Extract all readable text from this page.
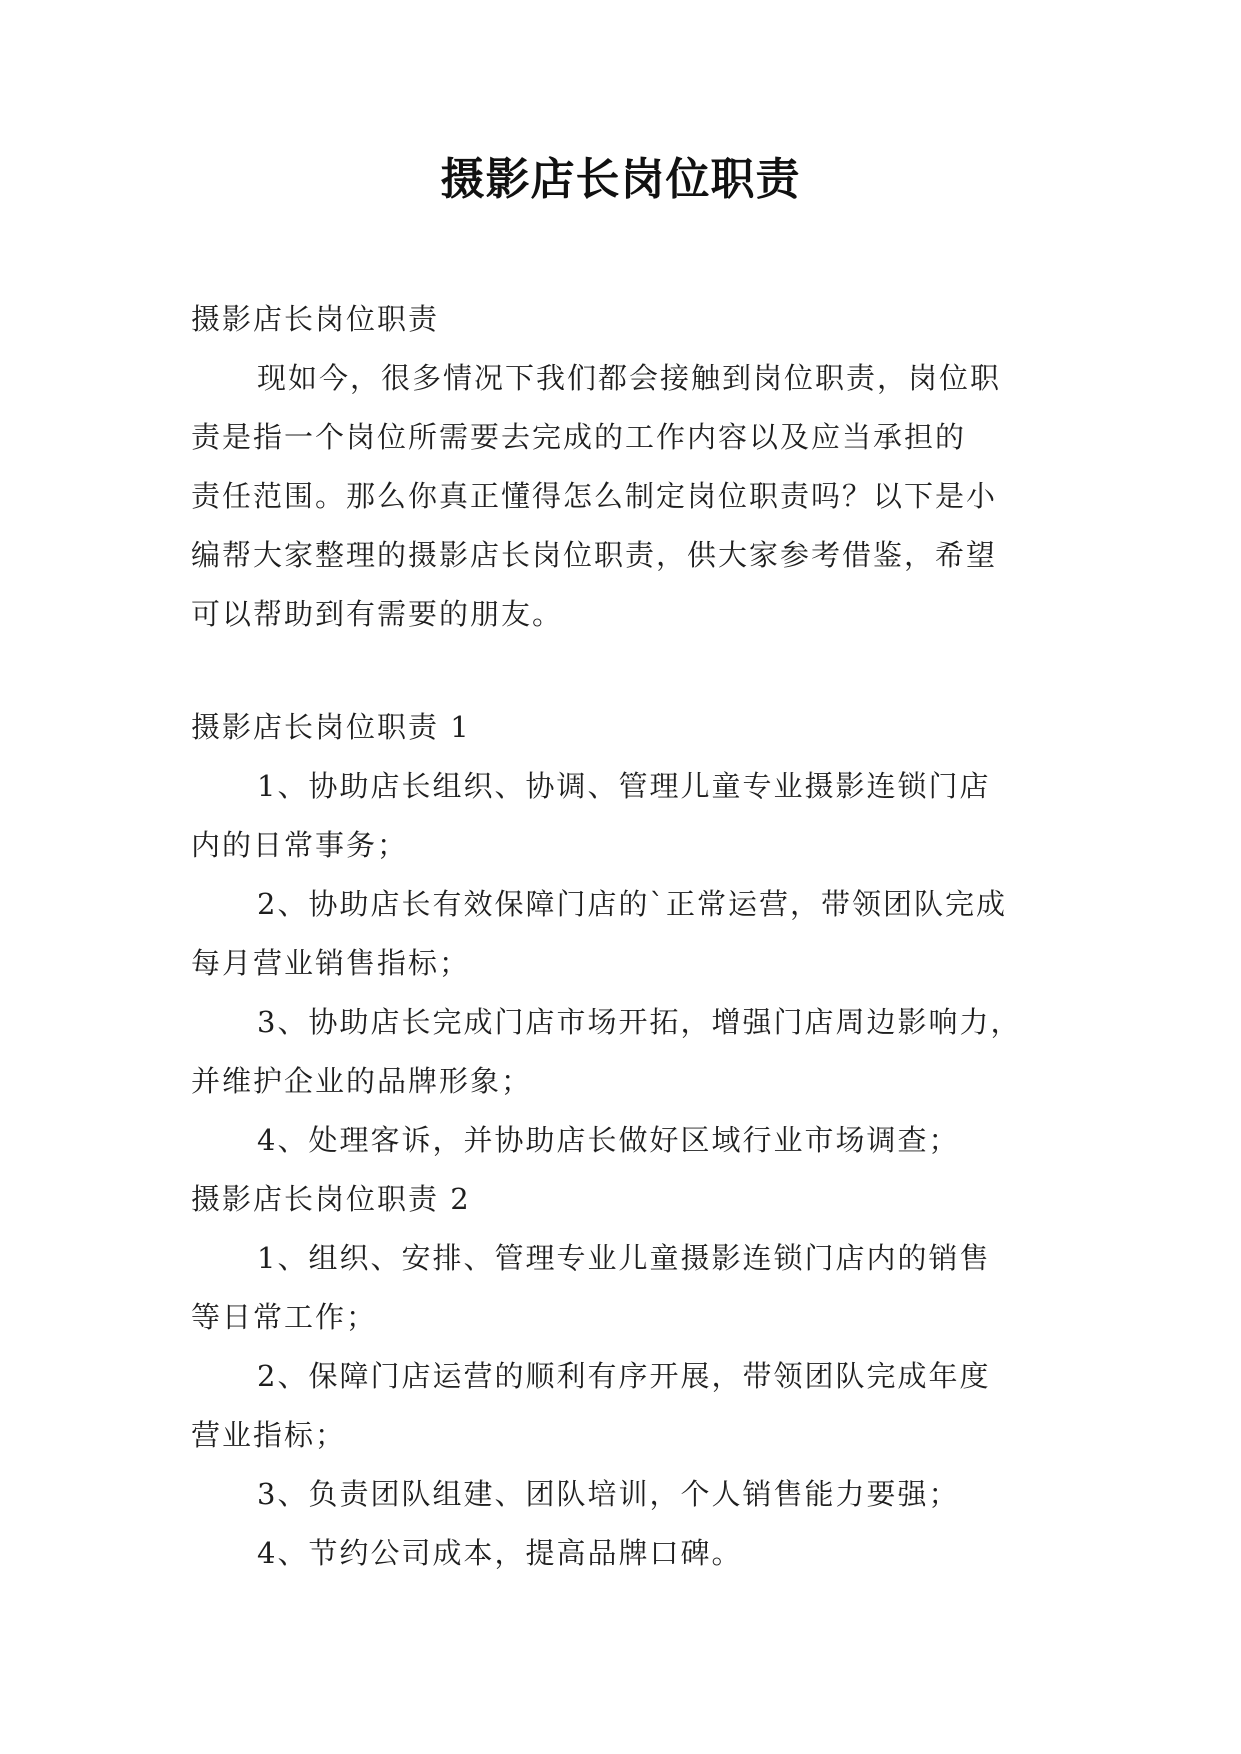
摄影店长岗位职责
摄影店长岗位职责
现如今，很多情况下我们都会接触到岗位职责，岗位职
责是指一个岗位所需要去完成的工作内容以及应当承担的
责任范围。那么你真正懂得怎么制定岗位职责吗？以下是小
编帮大家整理的摄影店长岗位职责，供大家参考借鉴，希望
可以帮助到有需要的朋友。
摄影店长岗位职责 1
1、协助店长组织、协调、管理儿童专业摄影连锁门店
内的日常事务；
2、协助店长有效保障门店的`正常运营，带领团队完成
每月营业销售指标；
3、协助店长完成门店市场开拓，增强门店周边影响力，
并维护企业的品牌形象；
4、处理客诉，并协助店长做好区域行业市场调查；
摄影店长岗位职责 2
1、组织、安排、管理专业儿童摄影连锁门店内的销售
等日常工作；
2、保障门店运营的顺利有序开展，带领团队完成年度
营业指标；
3、负责团队组建、团队培训，个人销售能力要强；
4、节约公司成本，提高品牌口碑。
